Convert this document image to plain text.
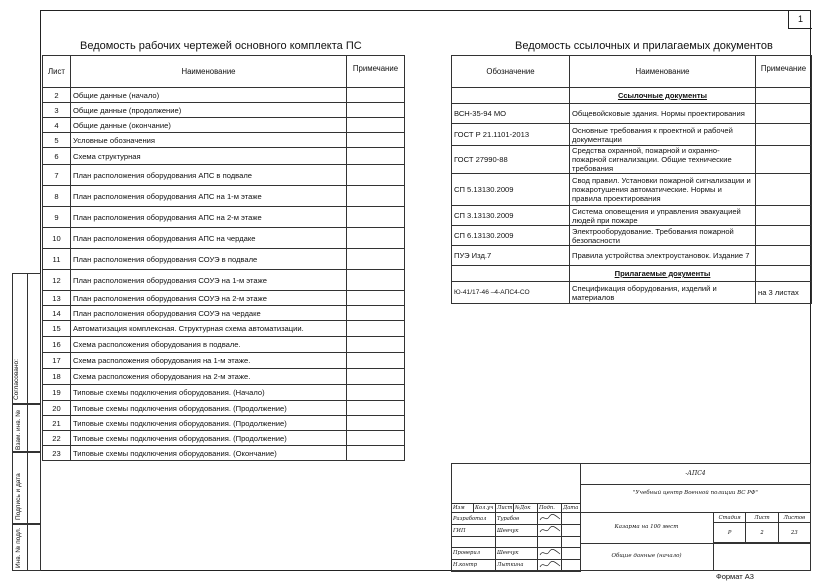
1
Согласовано:
Взам. инв. №
Подпись и дата
Инв. № подл.
Ведомость рабочих чертежей основного комплекта ПС
Лист	Наименование	Примечание
2	Общие данные (начало)	
3	Общие данные (продолжение)	
4	Общие данные (окончание)	
5	Условные обозначения	
6	Схема структурная	
7	План расположения оборудования АПС в подвале	
8	План расположения оборудования АПС на 1-м этаже	
9	План расположения оборудования АПС на 2-м этаже	
10	План расположения оборудования АПС на чердаке	
11	План расположения оборудования СОУЭ в подвале	
12	План расположения оборудования СОУЭ на 1-м этаже	
13	План расположения оборудования СОУЭ на 2-м этаже	
14	План расположения оборудования СОУЭ на чердаке	
15	Автоматизация комплексная. Структурная схема автоматизации.	
16	Схема расположения оборудования в подвале.	
17	Схема расположения оборудования на 1-м этаже.	
18	Схема расположения оборудования на 2-м этаже.	
19	Типовые схемы подключения оборудования. (Начало)	
20	Типовые схемы подключения оборудования. (Продолжение)	
21	Типовые схемы подключения оборудования. (Продолжение)	
22	Типовые схемы подключения оборудования. (Продолжение)	
23	Типовые схемы подключения оборудования. (Окончание)	
Ведомость ссылочных и прилагаемых документов
Обозначение	Наименование	Примечание
	Ссылочные документы	
ВСН-35-94 МО	Общевойсковые здания. Нормы проектирования	
ГОСТ Р 21.1101-2013	Основные требования к проектной и рабочей документации	
ГОСТ 27990-88	Средства охранной, пожарной и охранно-пожарной сигнализации. Общие технические требования	
СП 5.13130.2009	Свод правил. Установки пожарной сигнализации и пожаротушения автоматические. Нормы и правила проектирования	
СП 3.13130.2009	Система оповещения и управления эвакуацией людей при пожаре	
СП 6.13130.2009	Электрооборудование. Требования пожарной безопасности	
ПУЭ Изд.7	Правила устройства электроустановок. Издание 7	
	Прилагаемые документы	
Ю-41/17-46 –4-АПС4-СО	Спецификация оборудования, изделий и материалов	на 3 листах
-АПС4
"Учебный центр Военной полиции ВС РФ"
Казарма на 100 мест
Общие данные (начало)
Стадия	Лист	Листов
Р	2	23
Изм	Кол.уч	Лист	№Док	Подп.	Дата
Разработал		Турабов		
ГИП		Шевчук		

Проверил		Шевчук		
Н.контр		Лыткина		
Формат А3
